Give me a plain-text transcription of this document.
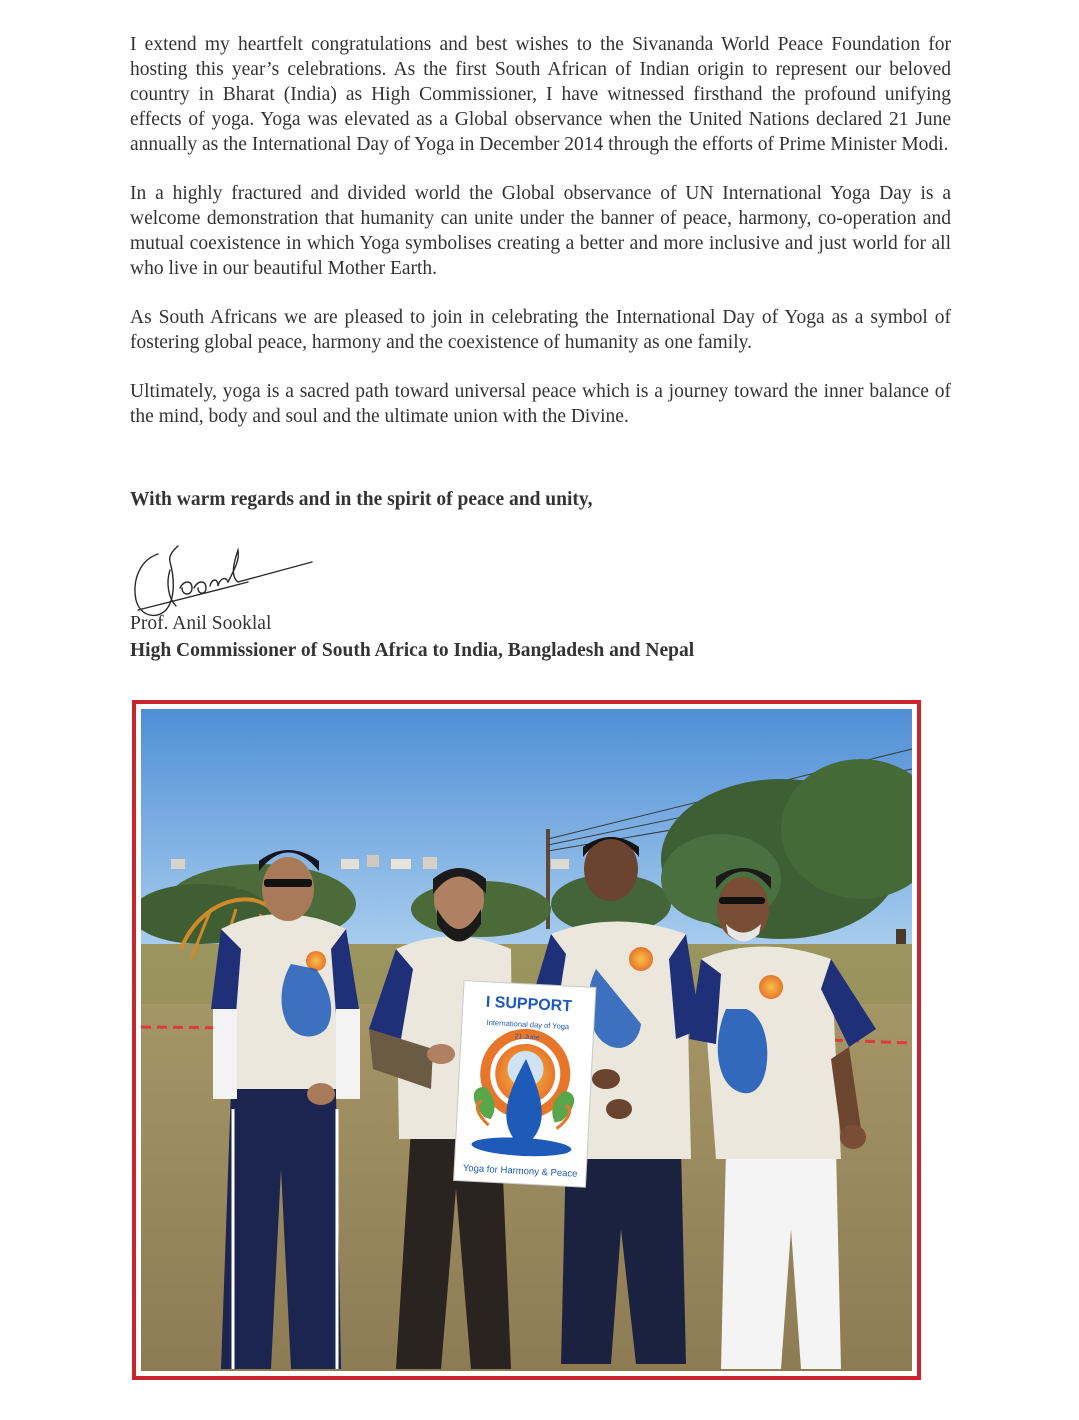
I extend my heartfelt congratulations and best wishes to the Sivananda World Peace Foundation for hosting this year’s celebrations. As the first South African of Indian origin to represent our beloved country in Bharat (India) as High Commissioner, I have witnessed firsthand the profound unifying effects of yoga. Yoga was elevated as a Global observance when the United Nations declared 21 June annually as the International Day of Yoga in December 2014 through the efforts of Prime Minister Modi.

In a highly fractured and divided world the Global observance of UN International Yoga Day is a welcome demonstration that humanity can unite under the banner of peace, harmony, co-operation and mutual coexistence in which Yoga symbolises creating a better and more inclusive and just world for all who live in our beautiful Mother Earth.

As South Africans we are pleased to join in celebrating the International Day of Yoga as a symbol of fostering global peace, harmony and the coexistence of humanity as one family.

Ultimately, yoga is a sacred path toward universal peace which is a journey toward the inner balance of the mind, body and soul and the ultimate union with the Divine.

With warm regards and in the spirit of peace and unity,

Prof. Anil Sooklal

High Commissioner of South Africa to India, Bangladesh and Nepal

I SUPPORT
International day of Yoga
21 June
Yoga for Harmony & Peace
